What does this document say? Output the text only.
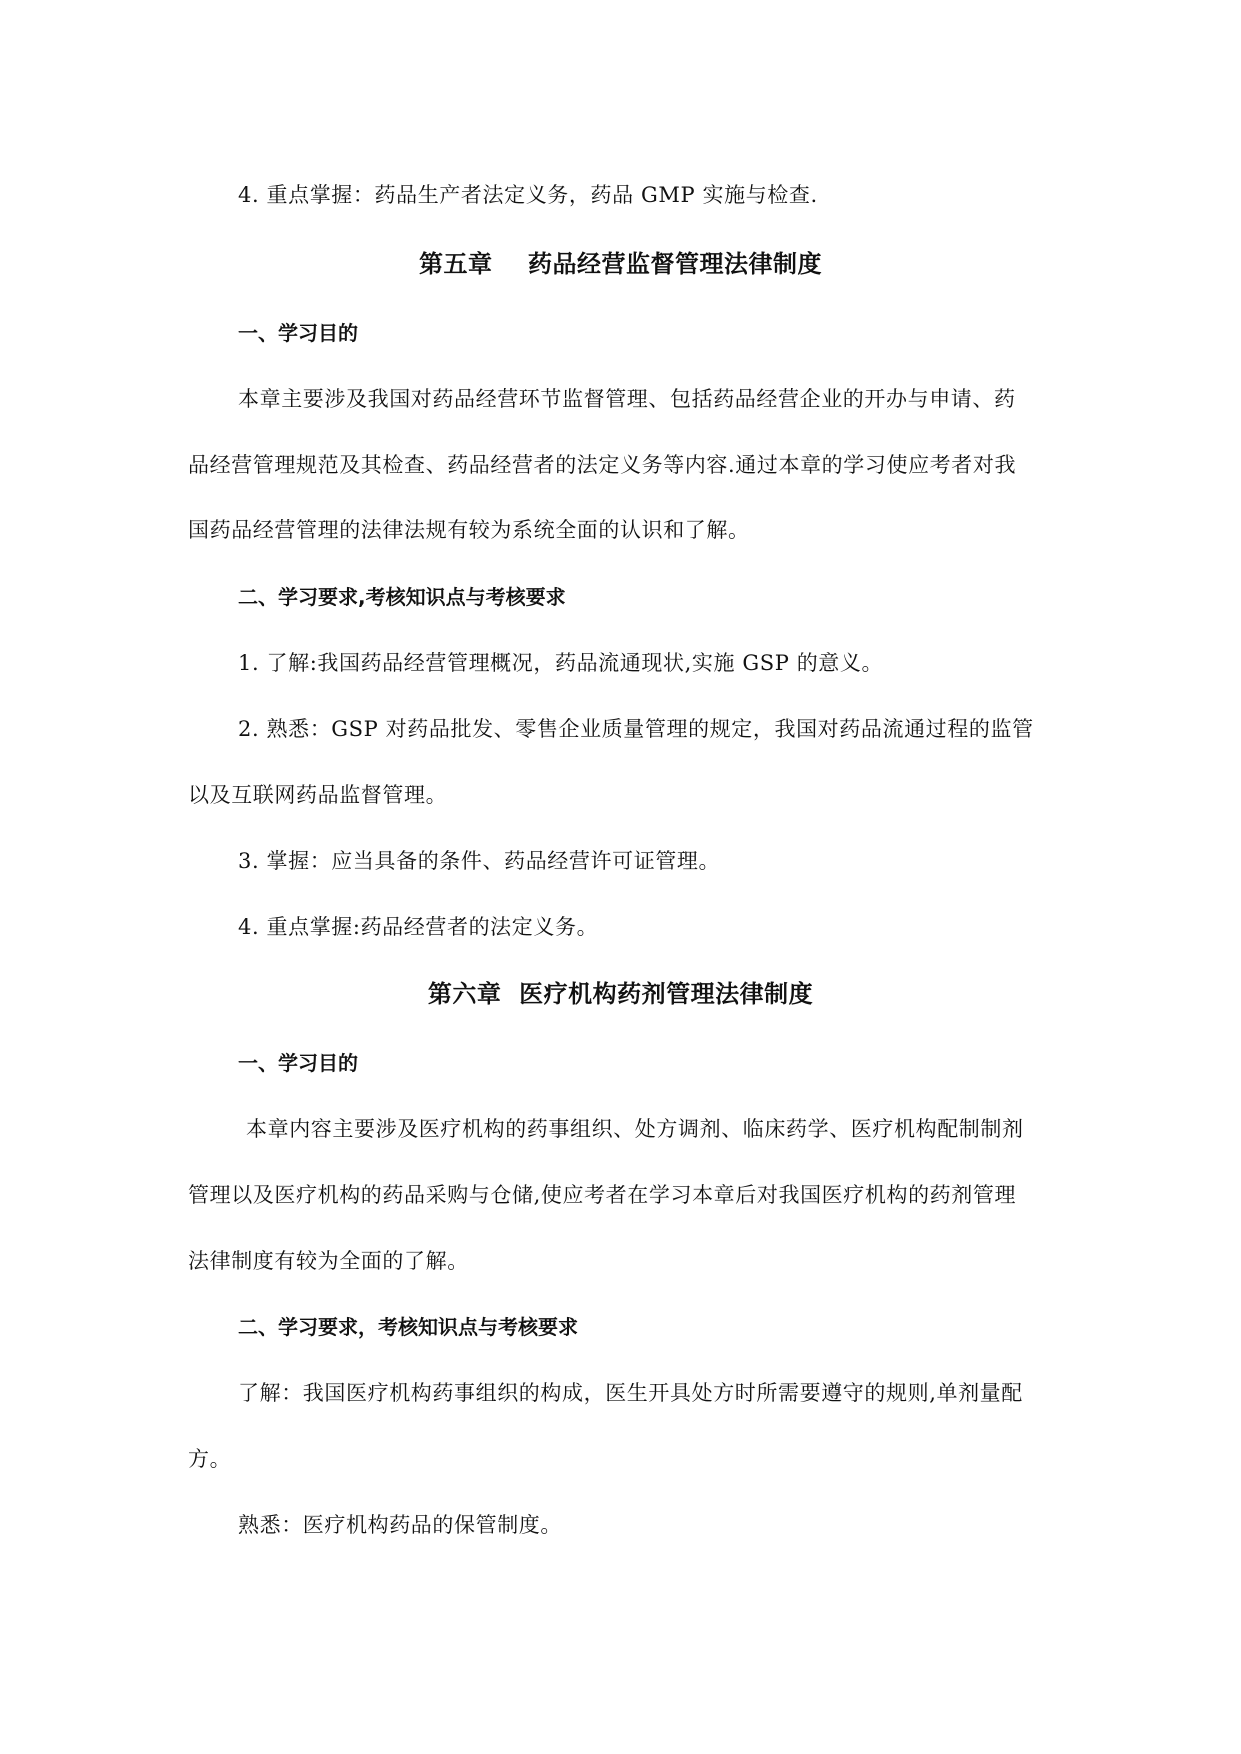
4. 重点掌握：药品生产者法定义务，药品 GMP 实施与检查.
第五章    药品经营监督管理法律制度
一、学习目的
本章主要涉及我国对药品经营环节监督管理、包括药品经营企业的开办与申请、药
品经营管理规范及其检查、药品经营者的法定义务等内容.通过本章的学习使应考者对我
国药品经营管理的法律法规有较为系统全面的认识和了解。
二、学习要求,考核知识点与考核要求
1. 了解:我国药品经营管理概况，药品流通现状,实施 GSP 的意义。
2. 熟悉：GSP 对药品批发、零售企业质量管理的规定，我国对药品流通过程的监管
以及互联网药品监督管理。
3. 掌握：应当具备的条件、药品经营许可证管理。
4. 重点掌握:药品经营者的法定义务。
第六章  医疗机构药剂管理法律制度
一、学习目的
本章内容主要涉及医疗机构的药事组织、处方调剂、临床药学、医疗机构配制制剂
管理以及医疗机构的药品采购与仓储,使应考者在学习本章后对我国医疗机构的药剂管理
法律制度有较为全面的了解。
二、学习要求，考核知识点与考核要求
了解：我国医疗机构药事组织的构成，医生开具处方时所需要遵守的规则,单剂量配
方。
熟悉：医疗机构药品的保管制度。
